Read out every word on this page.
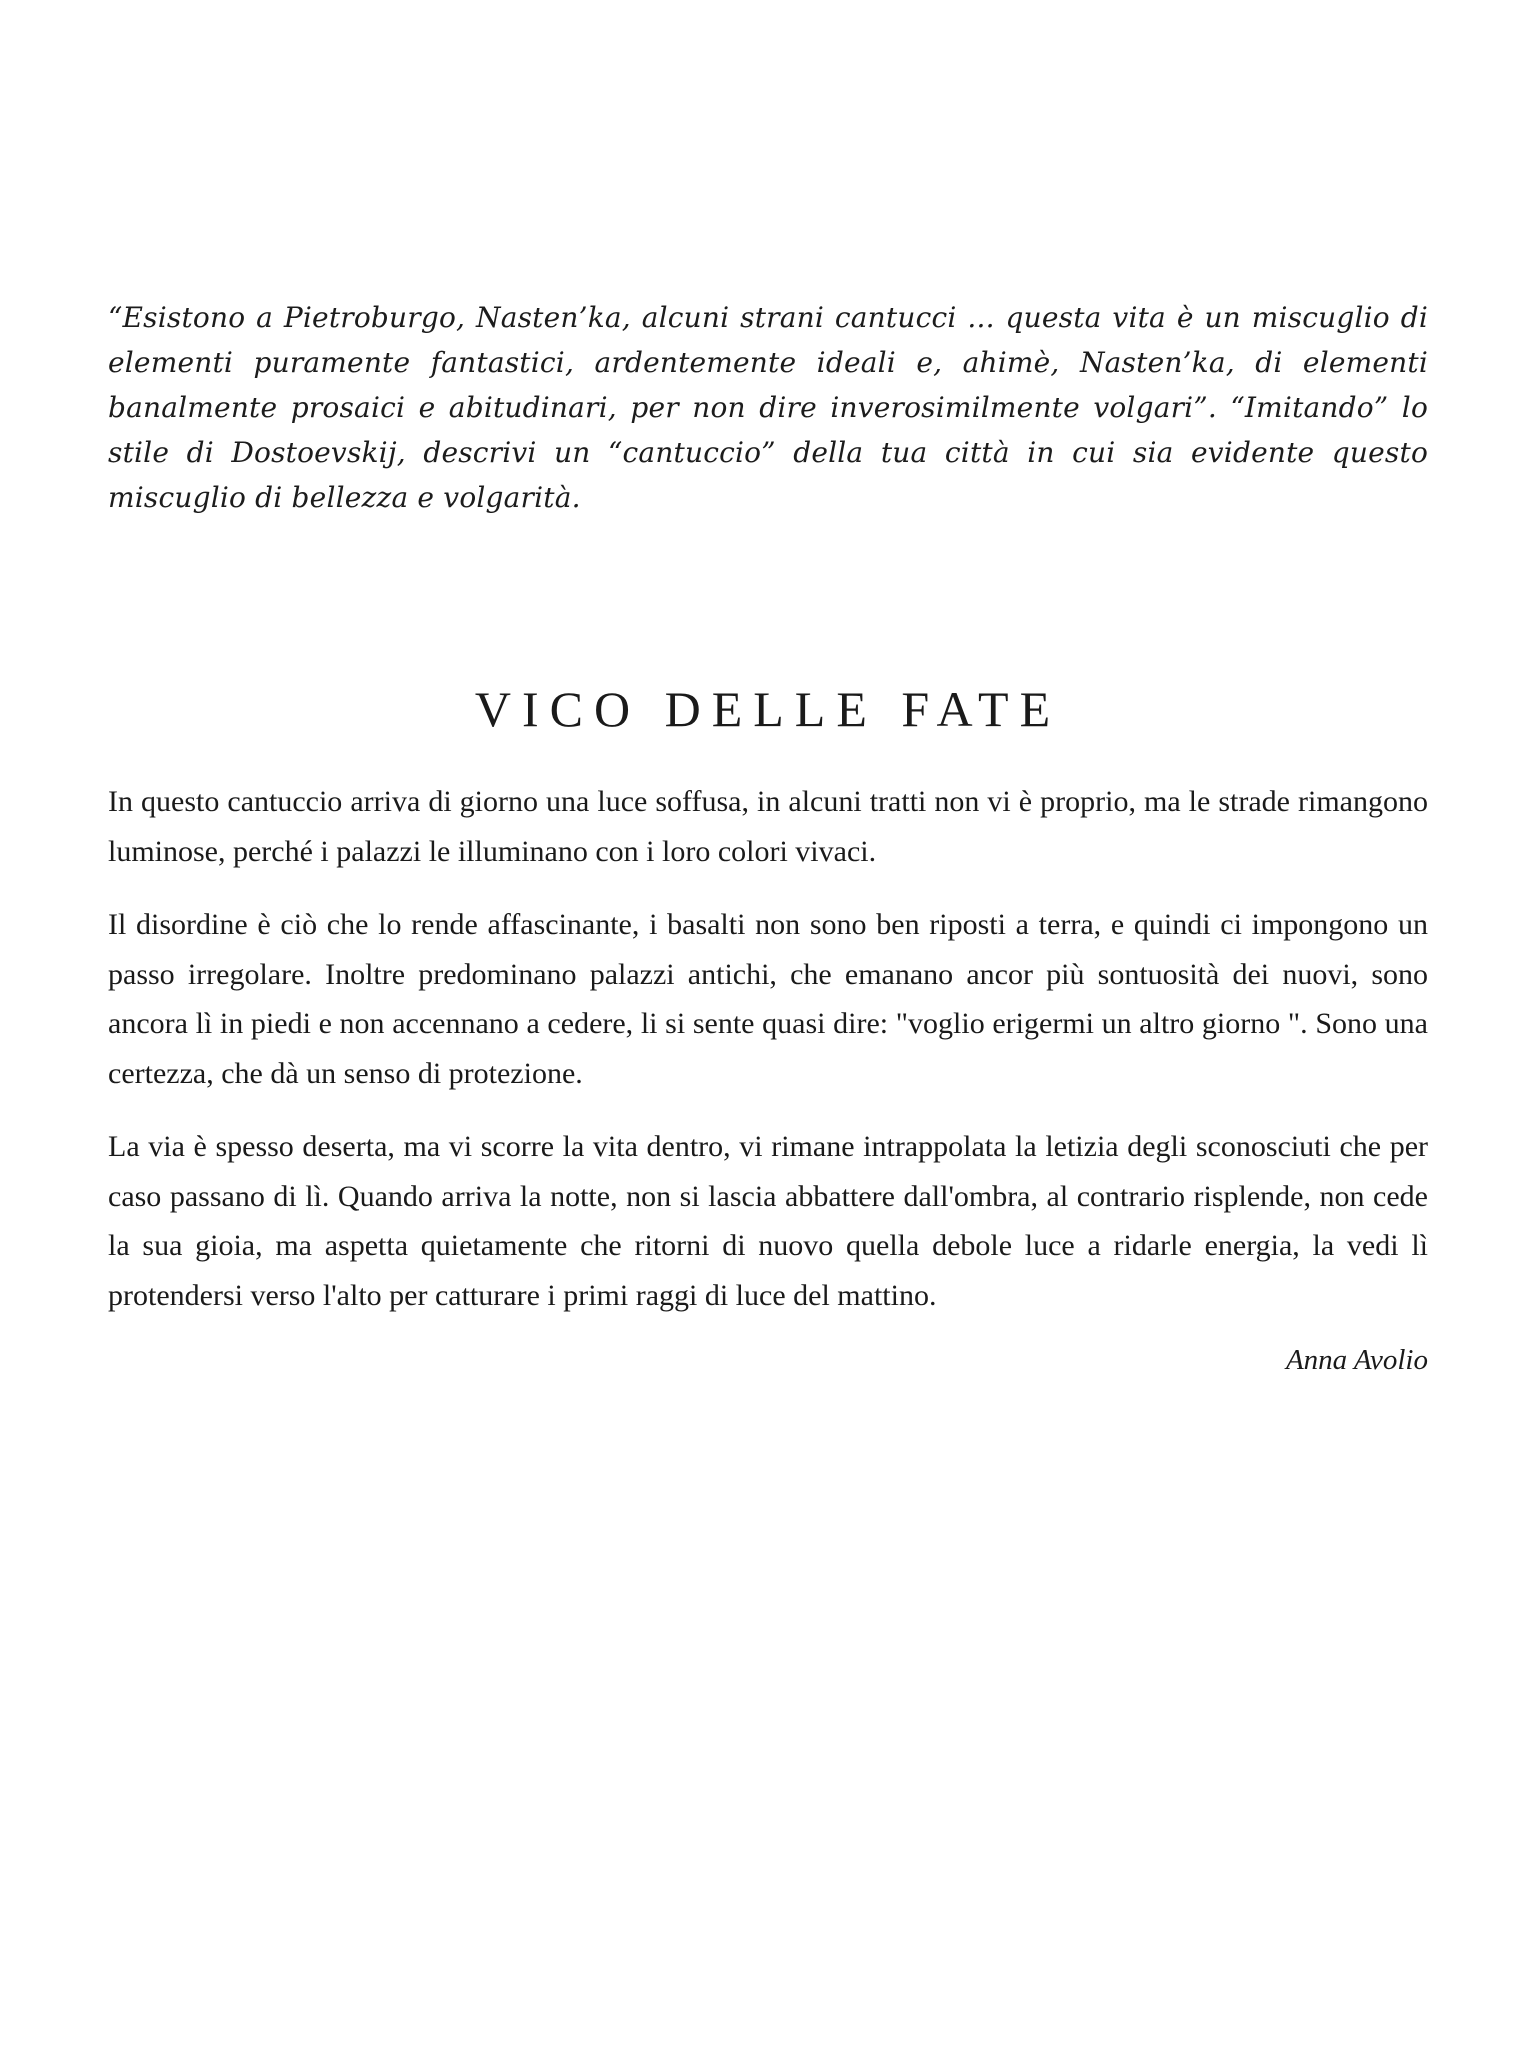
“Esistono a Pietroburgo, Nasten’ka, alcuni strani cantucci ... questa vita è un miscuglio di elementi puramente fantastici, ardentemente ideali e, ahimè, Nasten’ka, di elementi banalmente prosaici e abitudinari, per non dire inverosimilmente volgari”. “Imitando” lo stile di Dostoevskij, descrivi un “cantuccio” della tua città in cui sia evidente questo miscuglio di bellezza e volgarità.

VICO DELLE FATE

In questo cantuccio arriva di giorno una luce soffusa, in alcuni tratti non vi è proprio, ma le strade rimangono luminose, perché i palazzi le illuminano con i loro colori vivaci.

Il disordine è ciò che lo rende affascinante, i basalti non sono ben riposti a terra, e quindi ci impongono un passo irregolare. Inoltre predominano palazzi antichi, che emanano ancor più sontuosità dei nuovi, sono ancora lì in piedi e non accennano a cedere, li si sente quasi dire: "voglio erigermi un altro giorno ". Sono una certezza, che dà un senso di protezione.

La via è spesso deserta, ma vi scorre la vita dentro, vi rimane intrappolata la letizia degli sconosciuti che per caso passano di lì. Quando arriva la notte, non si lascia abbattere dall'ombra, al contrario risplende, non cede la sua gioia, ma aspetta quietamente che ritorni di nuovo quella debole luce a ridarle energia, la vedi lì protendersi verso l'alto per catturare i primi raggi di luce del mattino.

Anna Avolio
